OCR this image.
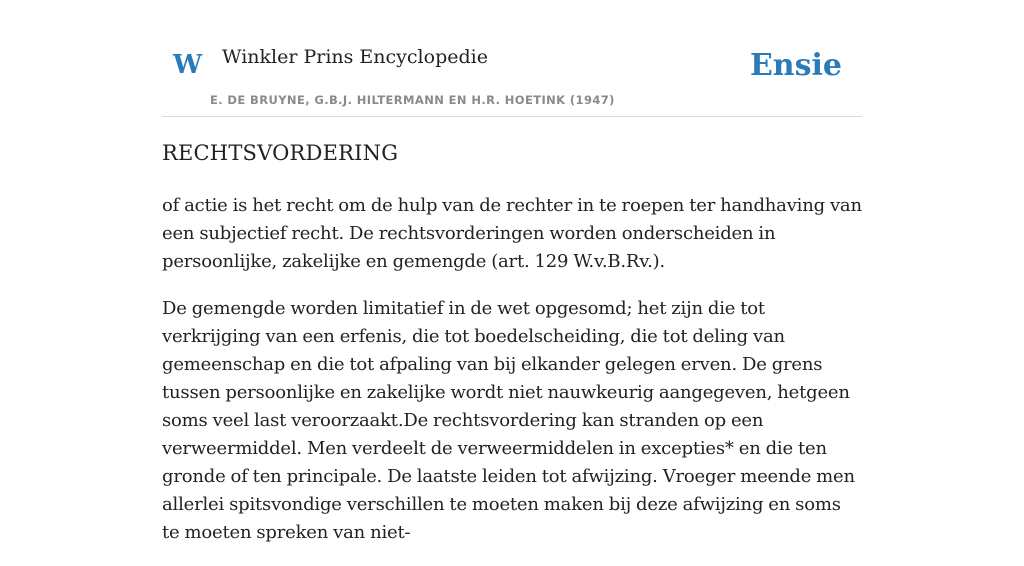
W Winkler Prins Encyclopedie
E. DE BRUYNE, G.B.J. HILTERMANN EN H.R. HOETINK (1947)
Ensie
RECHTSVORDERING

of actie is het recht om de hulp van de rechter in te roepen ter handhaving van een subjectief recht. De rechtsvorderingen worden onderscheiden in persoonlijke, zakelijke en gemengde (art. 129 W.v.B.Rv.).

De gemengde worden limitatief in de wet opgesomd; het zijn die tot verkrijging van een erfenis, die tot boedelscheiding, die tot deling van gemeenschap en die tot afpaling van bij elkander gelegen erven. De grens tussen persoonlijke en zakelijke wordt niet nauwkeurig aangegeven, hetgeen soms veel last veroorzaakt.De rechtsvordering kan stranden op een verweermiddel. Men verdeelt de verweermiddelen in excepties* en die ten gronde of ten principale. De laatste leiden tot afwijzing. Vroeger meende men allerlei spitsvondige verschillen te moeten maken bij deze afwijzing en soms te moeten spreken van niet-
